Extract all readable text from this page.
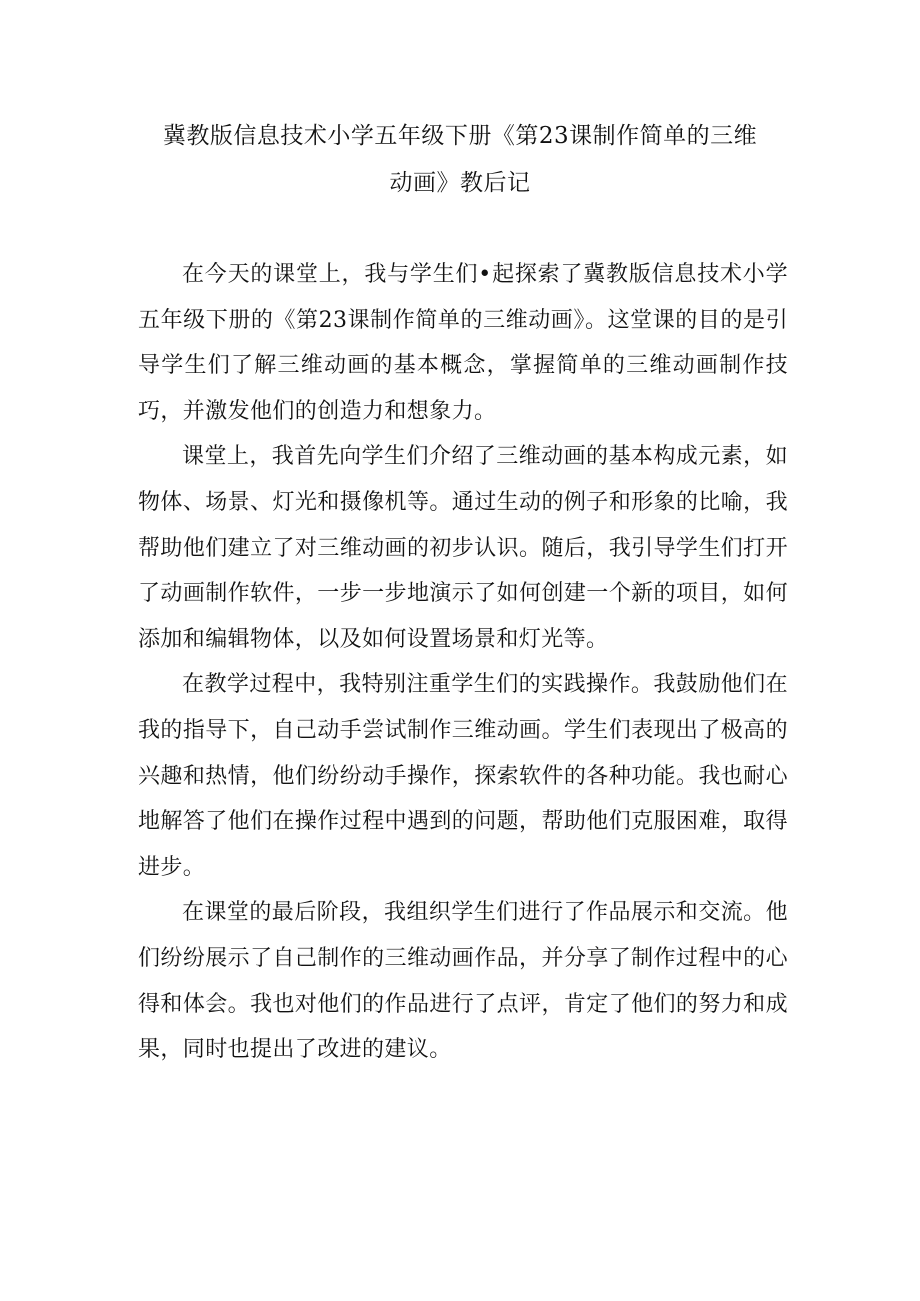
冀教版信息技术小学五年级下册《第23课制作简单的三维
动画》教后记

在今天的课堂上，我与学生们•起探索了冀教版信息技术小学五年级下册的《第23课制作简单的三维动画》。这堂课的目的是引导学生们了解三维动画的基本概念，掌握简单的三维动画制作技巧，并激发他们的创造力和想象力。

课堂上，我首先向学生们介绍了三维动画的基本构成元素，如物体、场景、灯光和摄像机等。通过生动的例子和形象的比喻，我帮助他们建立了对三维动画的初步认识。随后，我引导学生们打开了动画制作软件，一步一步地演示了如何创建一个新的项目，如何添加和编辑物体，以及如何设置场景和灯光等。

在教学过程中，我特别注重学生们的实践操作。我鼓励他们在我的指导下，自己动手尝试制作三维动画。学生们表现出了极高的兴趣和热情，他们纷纷动手操作，探索软件的各种功能。我也耐心地解答了他们在操作过程中遇到的问题，帮助他们克服困难，取得进步。

在课堂的最后阶段，我组织学生们进行了作品展示和交流。他们纷纷展示了自己制作的三维动画作品，并分享了制作过程中的心得和体会。我也对他们的作品进行了点评，肯定了他们的努力和成果，同时也提出了改进的建议。
